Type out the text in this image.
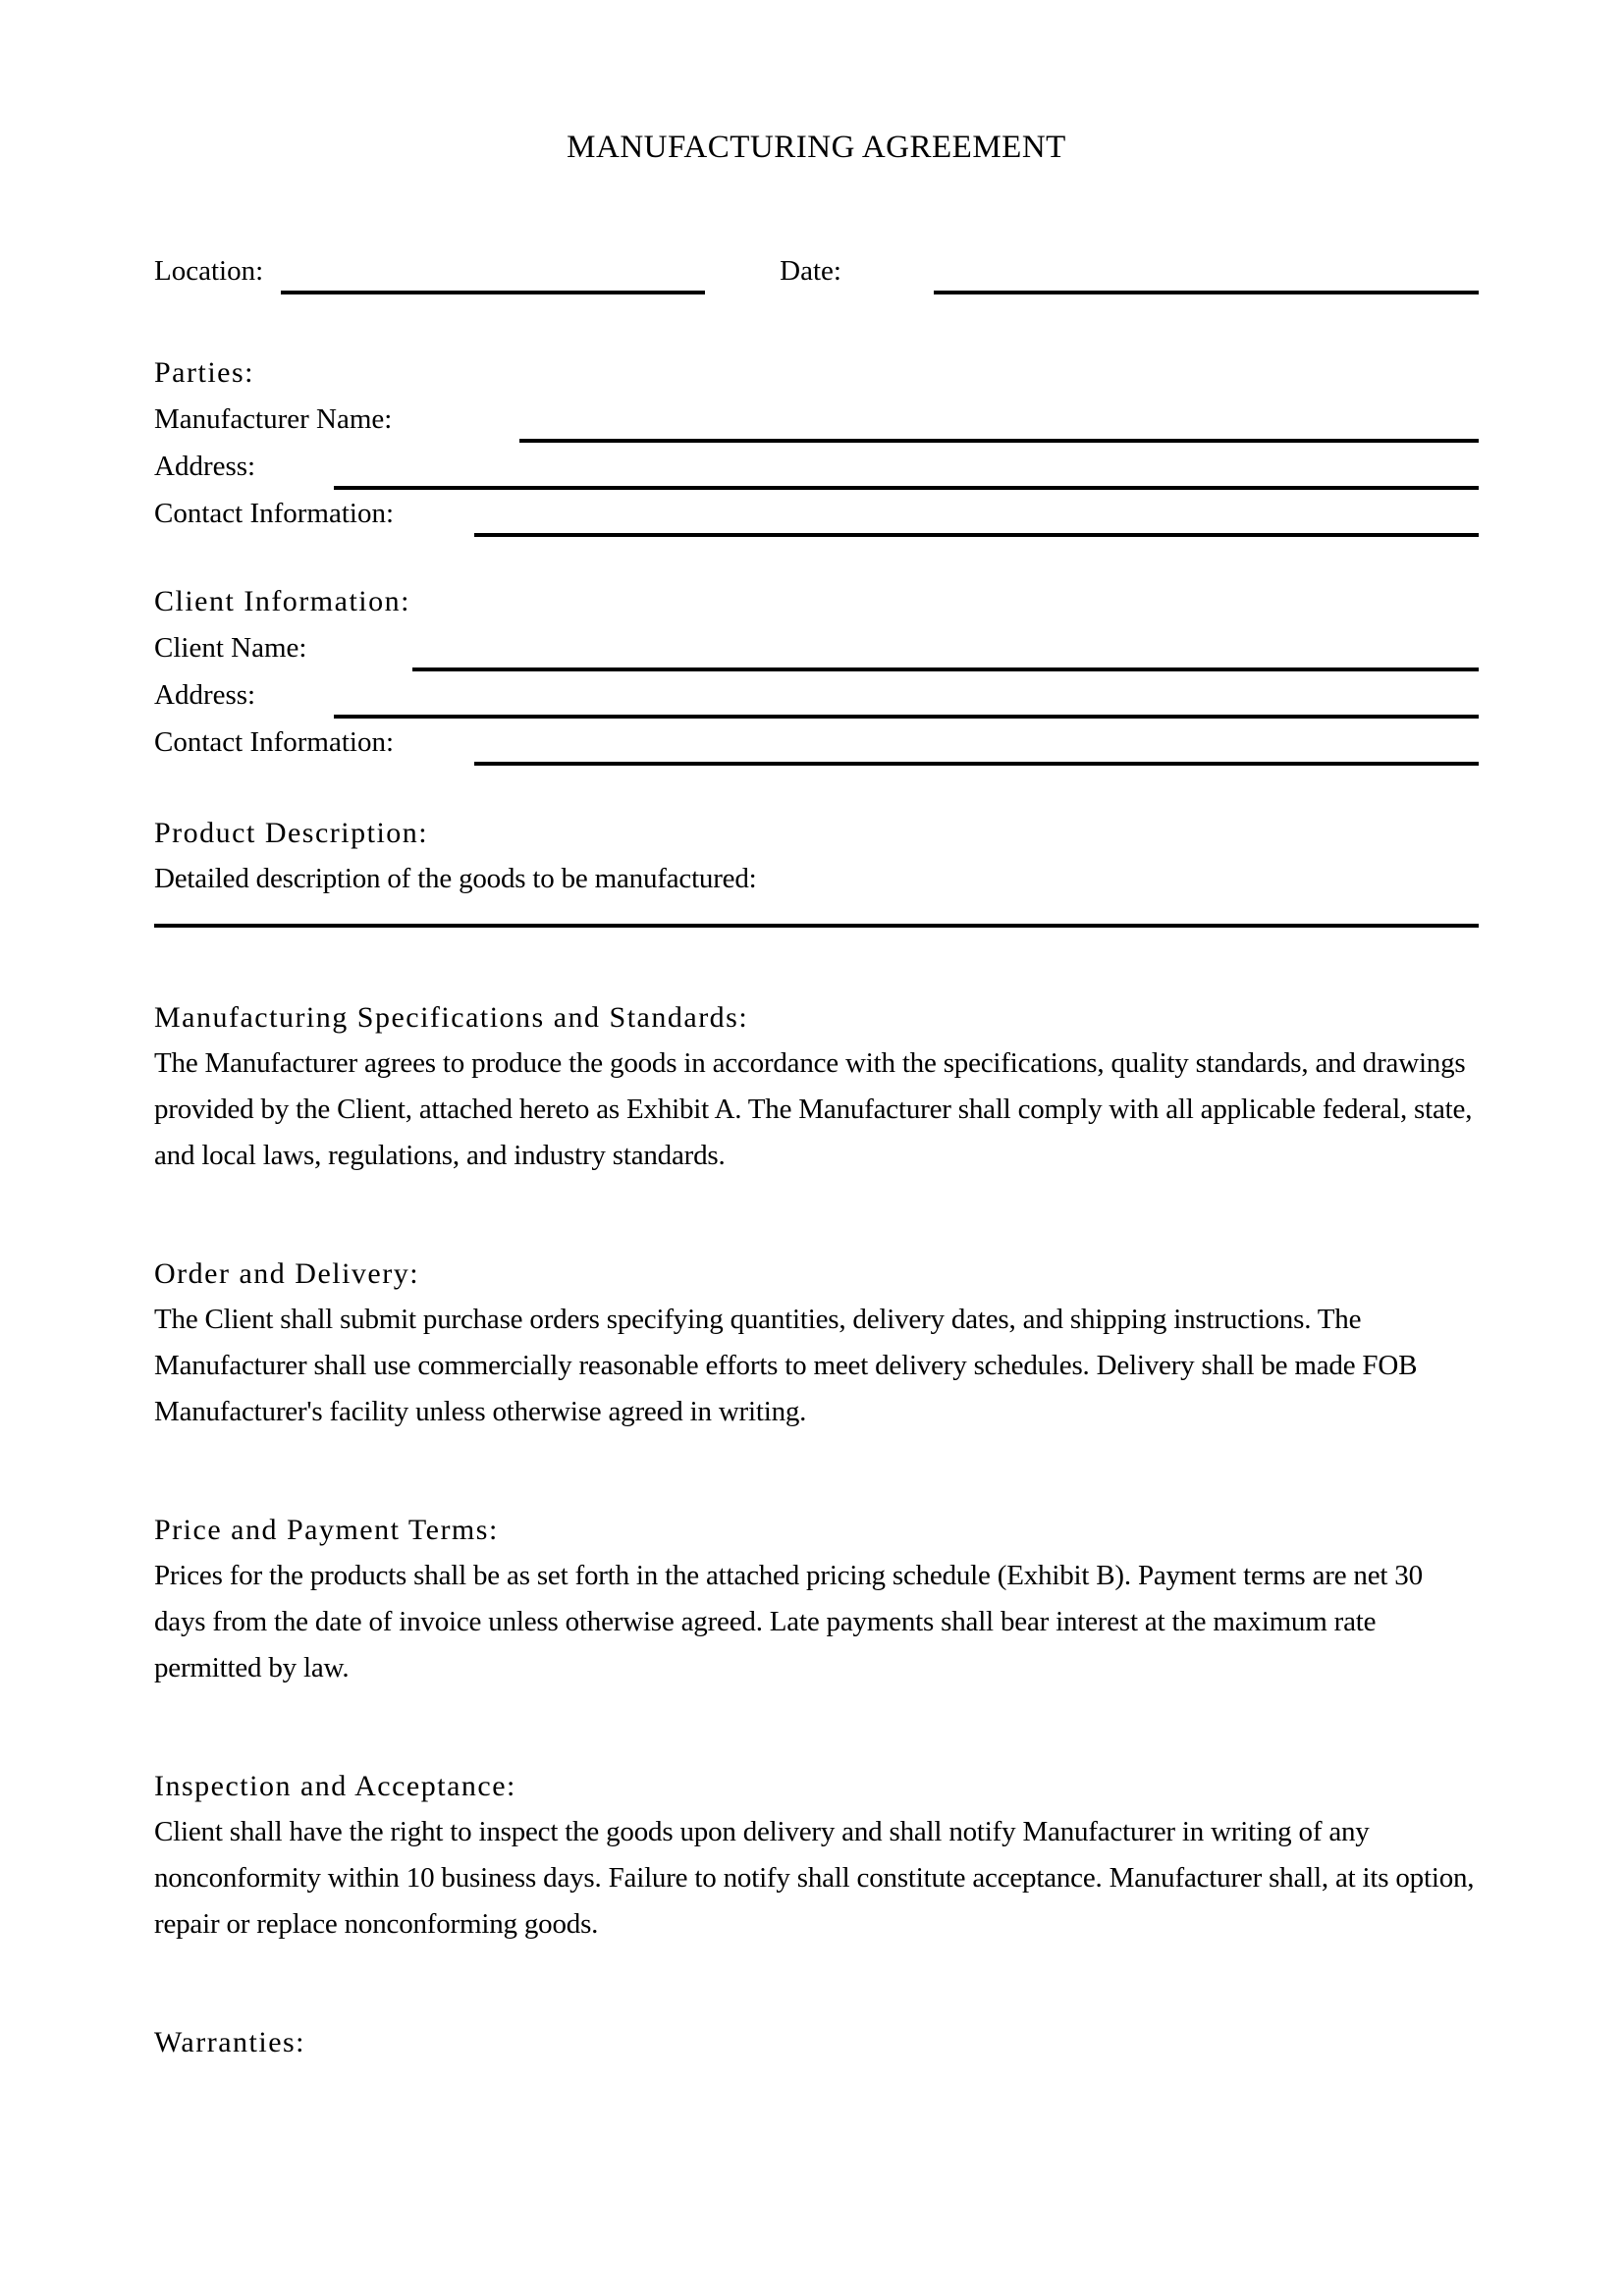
MANUFACTURING AGREEMENT
Location:	Date:
Parties:
Manufacturer Name:
Address:
Contact Information:
Client Information:
Client Name:
Address:
Contact Information:
Product Description:

Detailed description of the goods to be manufactured:

Manufacturing Specifications and Standards:

The Manufacturer agrees to produce the goods in accordance with the specifications, quality standards, and drawings provided by the Client, attached hereto as Exhibit A. The Manufacturer shall comply with all applicable federal, state, and local laws, regulations, and industry standards.

Order and Delivery:

The Client shall submit purchase orders specifying quantities, delivery dates, and shipping instructions. The Manufacturer shall use commercially reasonable efforts to meet delivery schedules. Delivery shall be made FOB Manufacturer's facility unless otherwise agreed in writing.

Price and Payment Terms:

Prices for the products shall be as set forth in the attached pricing schedule (Exhibit B). Payment terms are net 30 days from the date of invoice unless otherwise agreed. Late payments shall bear interest at the maximum rate permitted by law.

Inspection and Acceptance:

Client shall have the right to inspect the goods upon delivery and shall notify Manufacturer in writing of any nonconformity within 10 business days. Failure to notify shall constitute acceptance. Manufacturer shall, at its option, repair or replace nonconforming goods.

Warranties:
